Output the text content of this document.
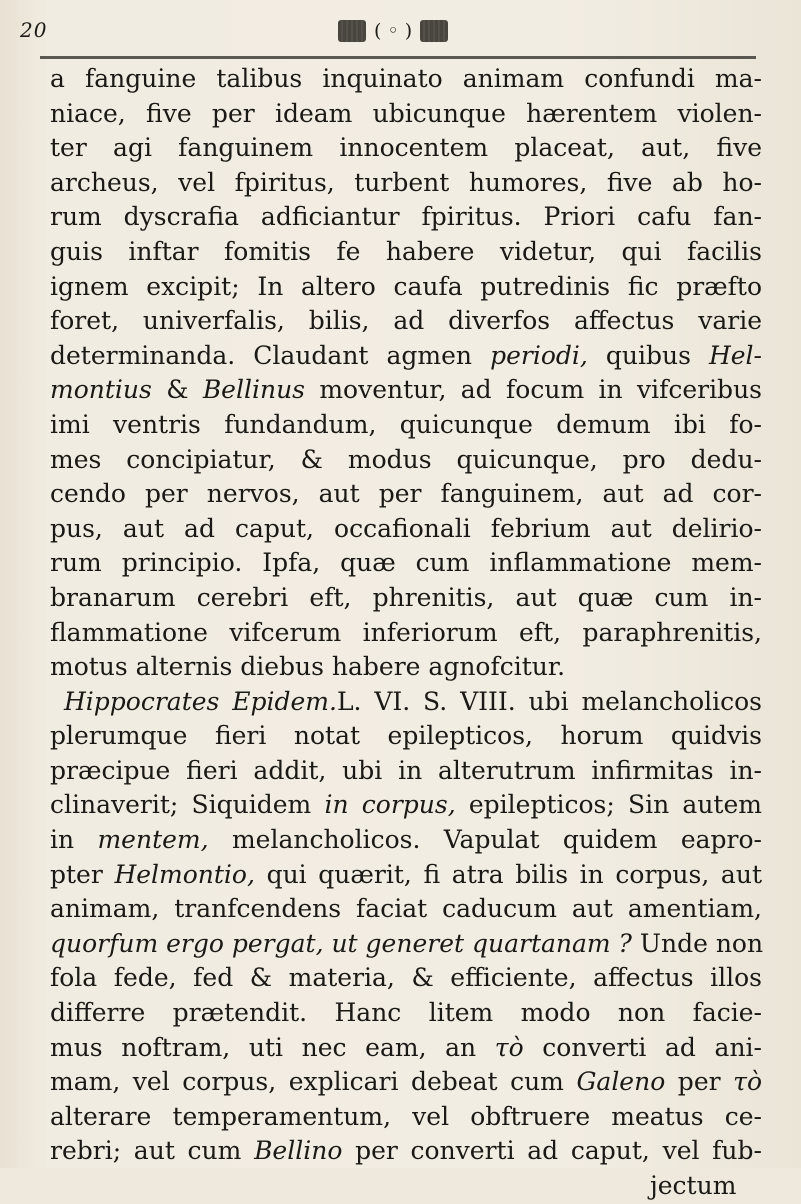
20	( ◦ )
a fanguine talibus inquinato animam confundi ma-
niace, five per ideam ubicunque hærentem violen-
ter agi fanguinem innocentem placeat, aut, five
archeus, vel fpiritus, turbent humores, five ab ho-
rum dyscrafia adficiantur fpiritus. Priori cafu fan-
guis inftar fomitis fe habere videtur, qui facilis
ignem excipit; In altero caufa putredinis fic præfto
foret, univerfalis, bilis, ad diverfos affectus varie
determinanda. Claudant agmen periodi, quibus Hel-
montius & Bellinus moventur, ad focum in vifceribus
imi ventris fundandum, quicunque demum ibi fo-
mes concipiatur, & modus quicunque, pro dedu-
cendo per nervos, aut per fanguinem, aut ad cor-
pus, aut ad caput, occafionali febrium aut delirio-
rum principio. Ipfa, quæ cum inflammatione mem-
branarum cerebri eft, phrenitis, aut quæ cum in-
flammatione vifcerum inferiorum eft, paraphrenitis,
motus alternis diebus habere agnofcitur.
Hippocrates Epidem.L. VI. S. VIII. ubi melancholicos
plerumque fieri notat epilepticos, horum quidvis
præcipue fieri addit, ubi in alterutrum infirmitas in-
clinaverit; Siquidem in corpus, epilepticos; Sin autem
in mentem, melancholicos. Vapulat quidem eapro-
pter Helmontio, qui quærit, fi atra bilis in corpus, aut
animam, tranfcendens faciat caducum aut amentiam,
quorfum ergo pergat, ut generet quartanam ? Unde non
fola fede, fed & materia, & efficiente, affectus illos
differre prætendit. Hanc litem modo non facie-
mus noftram, uti nec eam, an τὸ converti ad ani-
mam, vel corpus, explicari debeat cum Galeno per τὸ
alterare temperamentum, vel obftruere meatus ce-
rebri; aut cum Bellino per converti ad caput, vel fub-
jectum
